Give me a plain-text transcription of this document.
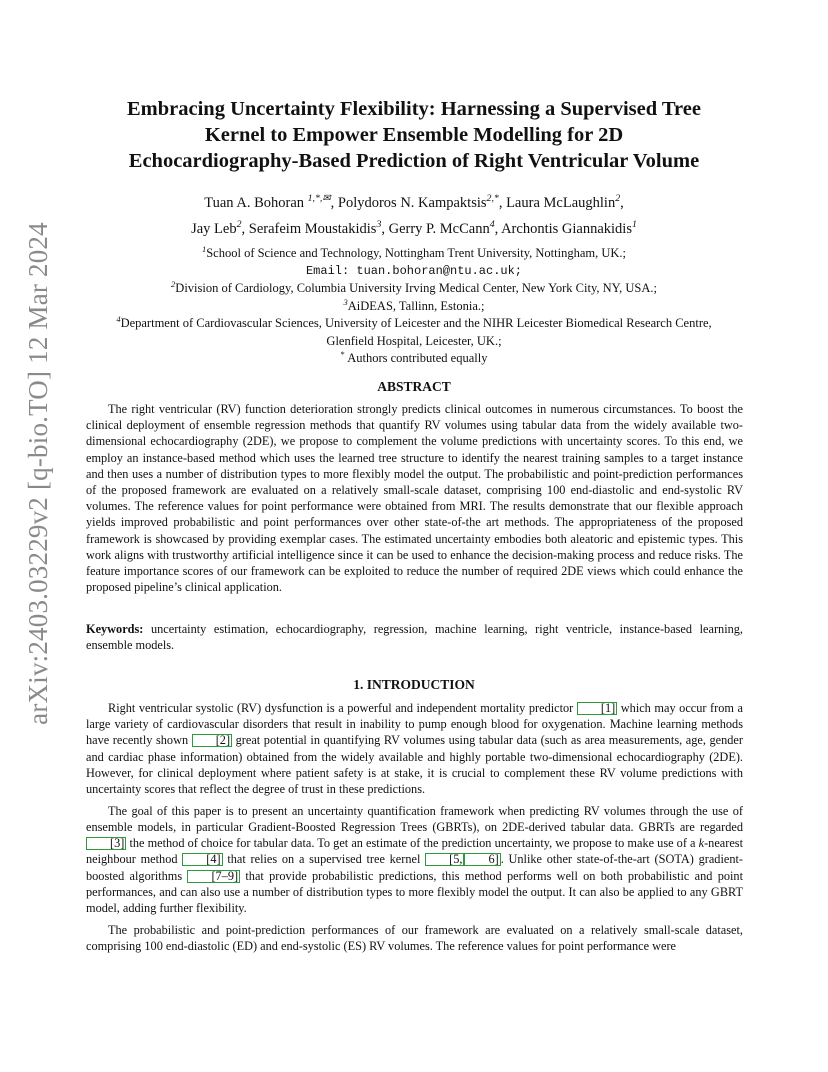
arXiv:2403.03229v2 [q-bio.TO] 12 Mar 2024
Embracing Uncertainty Flexibility: Harnessing a Supervised Tree
Kernel to Empower Ensemble Modelling for 2D
Echocardiography-Based Prediction of Right Ventricular Volume
Tuan A. Bohoran $^{1,*,✉}$, Polydoros N. Kampaktsis$^{2,*}$, Laura McLaughlin$^2$,
Jay Leb$^2$, Serafeim Moustakidis$^3$, Gerry P. McCann$^4$, Archontis Giannakidis$^1$
$^1$School of Science and Technology, Nottingham Trent University, Nottingham, UK.;
Email: tuan.bohoran@ntu.ac.uk;
$^2$Division of Cardiology, Columbia University Irving Medical Center, New York City, NY, USA.;
$^3$AiDEAS, Tallinn, Estonia.;
$^4$Department of Cardiovascular Sciences, University of Leicester and the NIHR Leicester Biomedical Research Centre,
Glenfield Hospital, Leicester, UK.;
* Authors contributed equally
ABSTRACT

The right ventricular (RV) function deterioration strongly predicts clinical outcomes in numerous circumstances. To boost the clinical deployment of ensemble regression methods that quantify RV volumes using tabular data from the widely available two-dimensional echocardiography (2DE), we propose to complement the volume predictions with uncertainty scores. To this end, we employ an instance-based method which uses the learned tree structure to identify the nearest training samples to a target instance and then uses a number of distribution types to more flexibly model the output. The probabilistic and point-prediction performances of the proposed framework are evaluated on a relatively small-scale dataset, comprising 100 end-diastolic and end-systolic RV volumes. The reference values for point performance were obtained from MRI. The results demonstrate that our flexible approach yields improved probabilistic and point performances over other state-of-the art methods. The appropriateness of the proposed framework is showcased by providing exemplar cases. The estimated uncertainty embodies both aleatoric and epistemic types. This work aligns with trustworthy artificial intelligence since it can be used to enhance the decision-making process and reduce risks. The feature importance scores of our framework can be exploited to reduce the number of required 2DE views which could enhance the proposed pipeline’s clinical application.

Keywords: uncertainty estimation, echocardiography, regression, machine learning, right ventricle, instance-based learning, ensemble models.
1. INTRODUCTION

Right ventricular systolic (RV) dysfunction is a powerful and independent mortality predictor [1] which may occur from a large variety of cardiovascular disorders that result in inability to pump enough blood for oxygenation. Machine learning methods have recently shown [2] great potential in quantifying RV volumes using tabular data (such as area measurements, age, gender and cardiac phase information) obtained from the widely available and highly portable two-dimensional echocardiography (2DE). However, for clinical deployment where patient safety is at stake, it is crucial to complement these RV volume predictions with uncertainty scores that reflect the degree of trust in these predictions.

The goal of this paper is to present an uncertainty quantification framework when predicting RV volumes through the use of ensemble models, in particular Gradient-Boosted Regression Trees (GBRTs), on 2DE-derived tabular data. GBRTs are regarded [3] the method of choice for tabular data. To get an estimate of the prediction uncertainty, we propose to make use of a k-nearest neighbour method [4] that relies on a supervised tree kernel [5, 6] . Unlike other state-of-the-art (SOTA) gradient-boosted algorithms [7–9] that provide probabilistic predictions, this method performs well on both probabilistic and point performances, and can also use a number of distribution types to more flexibly model the output. It can also be applied to any GBRT model, adding further flexibility.

The probabilistic and point-prediction performances of our framework are evaluated on a relatively small-scale dataset, comprising 100 end-diastolic (ED) and end-systolic (ES) RV volumes. The reference values for point performance were
